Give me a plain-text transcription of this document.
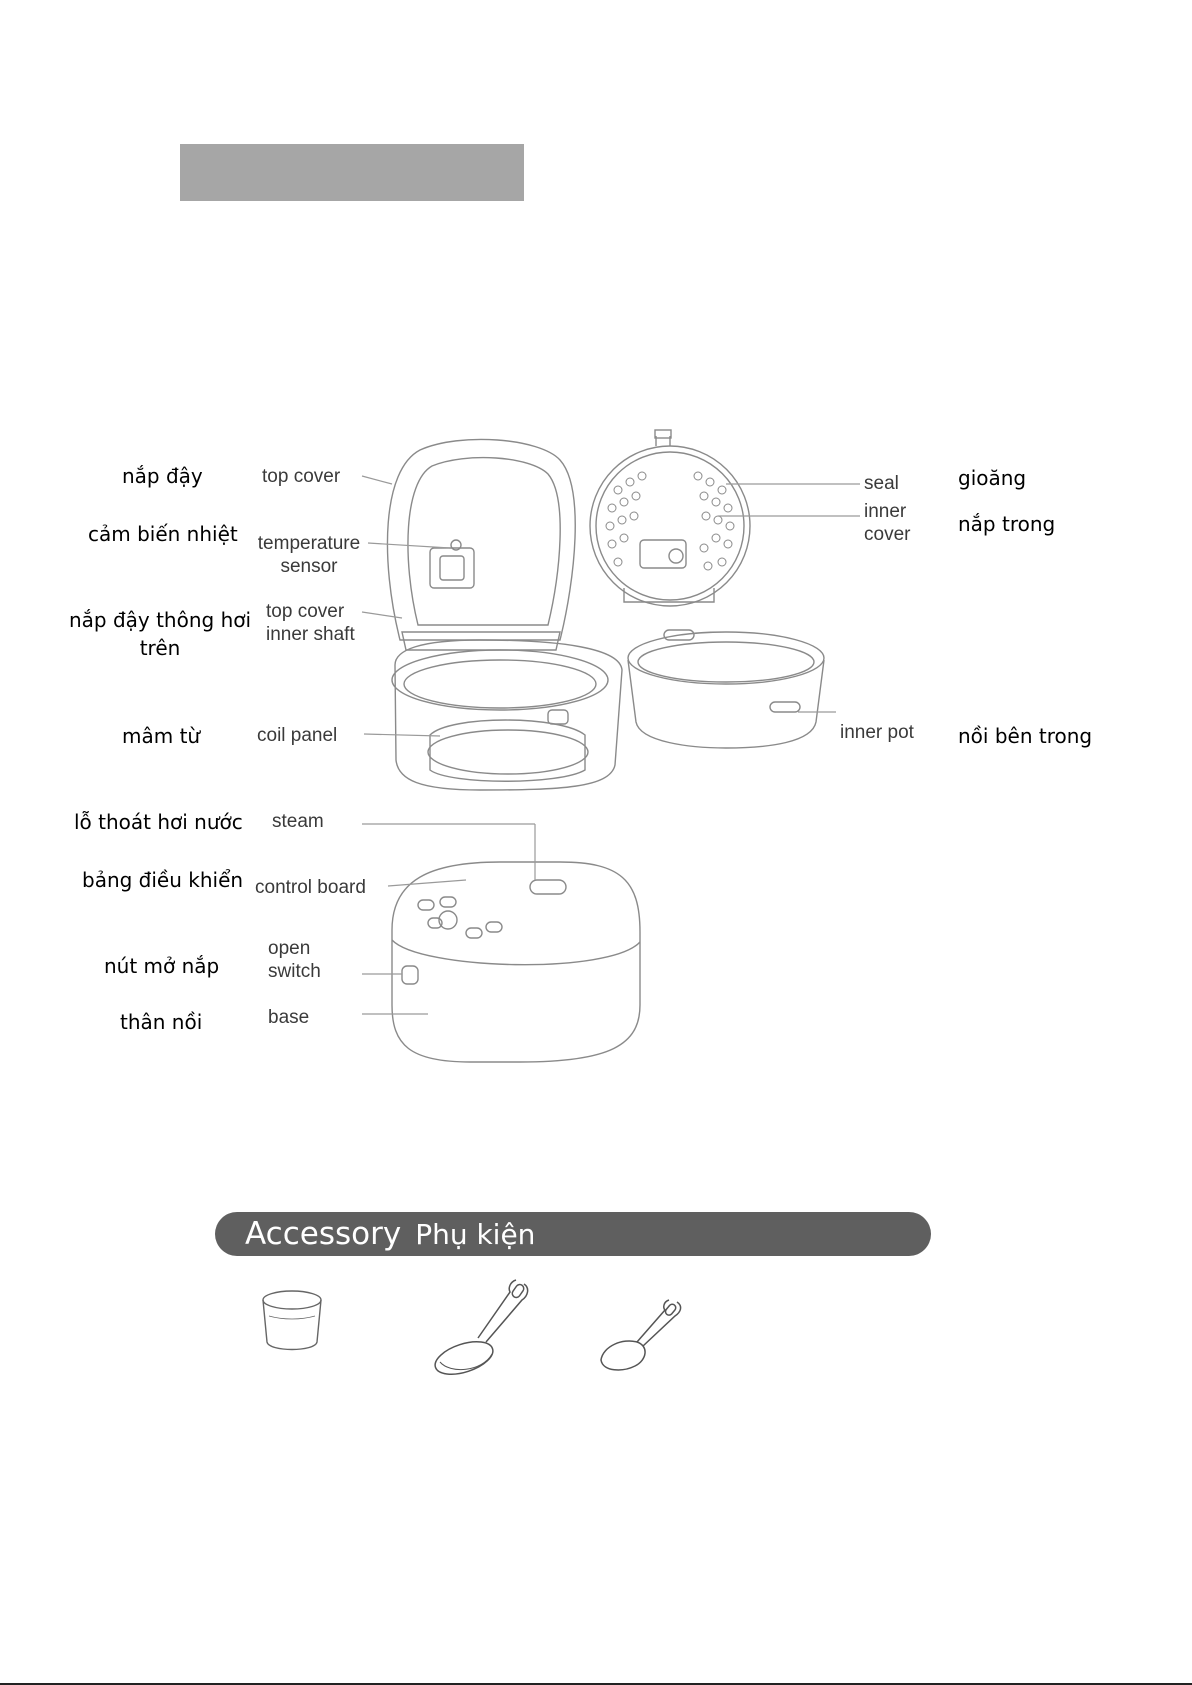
nắp đậy
cảm biến nhiệt
nắp đậy thông hơi
trên
mâm từ
lỗ thoát hơi nước
bảng điều khiển
nút mở nắp
thân nồi
top cover
temperature
sensor
top cover
inner shaft
coil panel
steam
control board
open
switch
base
seal
inner
cover
inner pot
gioăng
nắp trong
nồi bên trong
Accessory Phụ kiện
